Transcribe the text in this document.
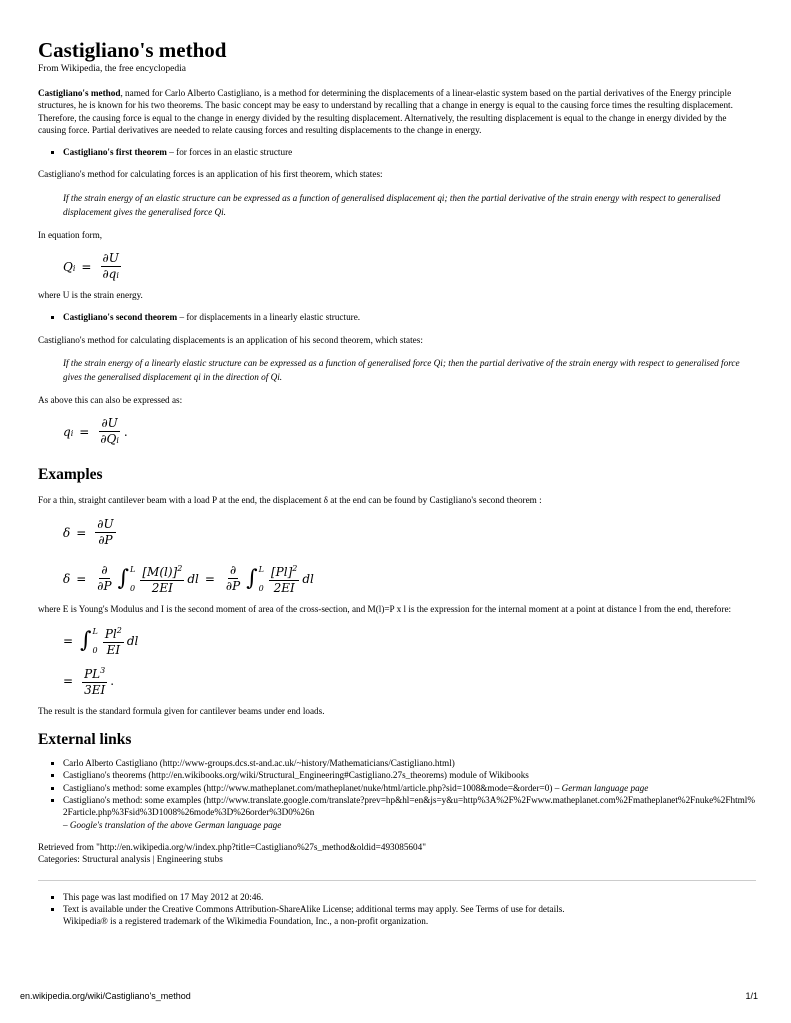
Castigliano's method
From Wikipedia, the free encyclopedia

Castigliano's method, named for Carlo Alberto Castigliano, is a method for determining the displacements of a linear-elastic system based on the partial derivatives of the Energy principle structures, he is known for his two theorems. The basic concept may be easy to understand by recalling that a change in energy is equal to the causing force times the resulting displacement. Therefore, the causing force is equal to the change in energy divided by the resulting displacement. Alternatively, the resulting displacement is equal to the change in energy divided by the causing force. Partial derivatives are needed to relate causing forces and resulting displacements to the change in energy.

▪ Castigliano's first theorem – for forces in an elastic structure

Castigliano's method for calculating forces is an application of his first theorem, which states:

If the strain energy of an elastic structure can be expressed as a function of generalised displacement qi; then the partial derivative of the strain energy with respect to generalised displacement gives the generalised force Qi.

In equation form,

$Qi = \frac{\partial U}{\partial qi}$

where U is the strain energy.

▪ Castigliano's second theorem – for displacements in a linearly elastic structure.

Castigliano's method for calculating displacements is an application of his second theorem, which states:

If the strain energy of a linearly elastic structure can be expressed as a function of generalised force Qi; then the partial derivative of the strain energy with respect to generalised force gives the generalised displacement qi in the direction of Qi.

As above this can also be expressed as:

qi = $\frac{\partial U}{\partial Qi}$ .
Examples

For a thin, straight cantilever beam with a load P at the end, the displacement δ at the end can be found by Castigliano's second theorem :

$\delta = \frac{\partial U}{\partial P}$
$\delta = \frac{\partial}{\partial P}$ ∫ L
$0 \frac{[M(l)]^2}{2EI}$ dl = $\frac{\partial}{\partial P}$ ∫ L
$0 \frac{[Pl]^2}{2EI}$ dl

where E is Young's Modulus and I is the second moment of area of the cross-section, and M(l)=P x l is the expression for the internal moment at a point at distance l from the end, therefore:

= ∫ L
$0 \frac{Pl^2}{EI}$ dl
= $\frac{PL^3}{3EI}$ .

The result is the standard formula given for cantilever beams under end loads.

External links
▪ Carlo Alberto Castigliano (http://www-groups.dcs.st-and.ac.uk/~history/Mathematicians/Castigliano.html)
▪ Castigliano's theorems (http://en.wikibooks.org/wiki/Structural_Engineering#Castigliano.27s_theorems) module of Wikibooks
▪ Castigliano's method: some examples (http://www.matheplanet.com/matheplanet/nuke/html/article.php?sid=1008&mode=&order=0) – German language page
▪ Castigliano's method: some examples (http://www.translate.google.com/translate?prev=hp&hl=en&js=y&u=http%3A%2F%2Fwww.matheplanet.com%2Fmatheplanet%2Fnuke%2Fhtml%2Farticle.php%3Fsid%3D1008%26mode%3D%26order%3D0%26n
– Google's translation of the above German language page

Retrieved from "http://en.wikipedia.org/w/index.php?title=Castigliano%27s_method&oldid=493085604"

Categories: Structural analysis | Engineering stubs

▪ This page was last modified on 17 May 2012 at 20:46.
▪ Text is available under the Creative Commons Attribution-ShareAlike License; additional terms may apply. See Terms of use for details.
Wikipedia® is a registered trademark of the Wikimedia Foundation, Inc., a non-profit organization.
en.wikipedia.org/wiki/Castigliano's_method	1/1
